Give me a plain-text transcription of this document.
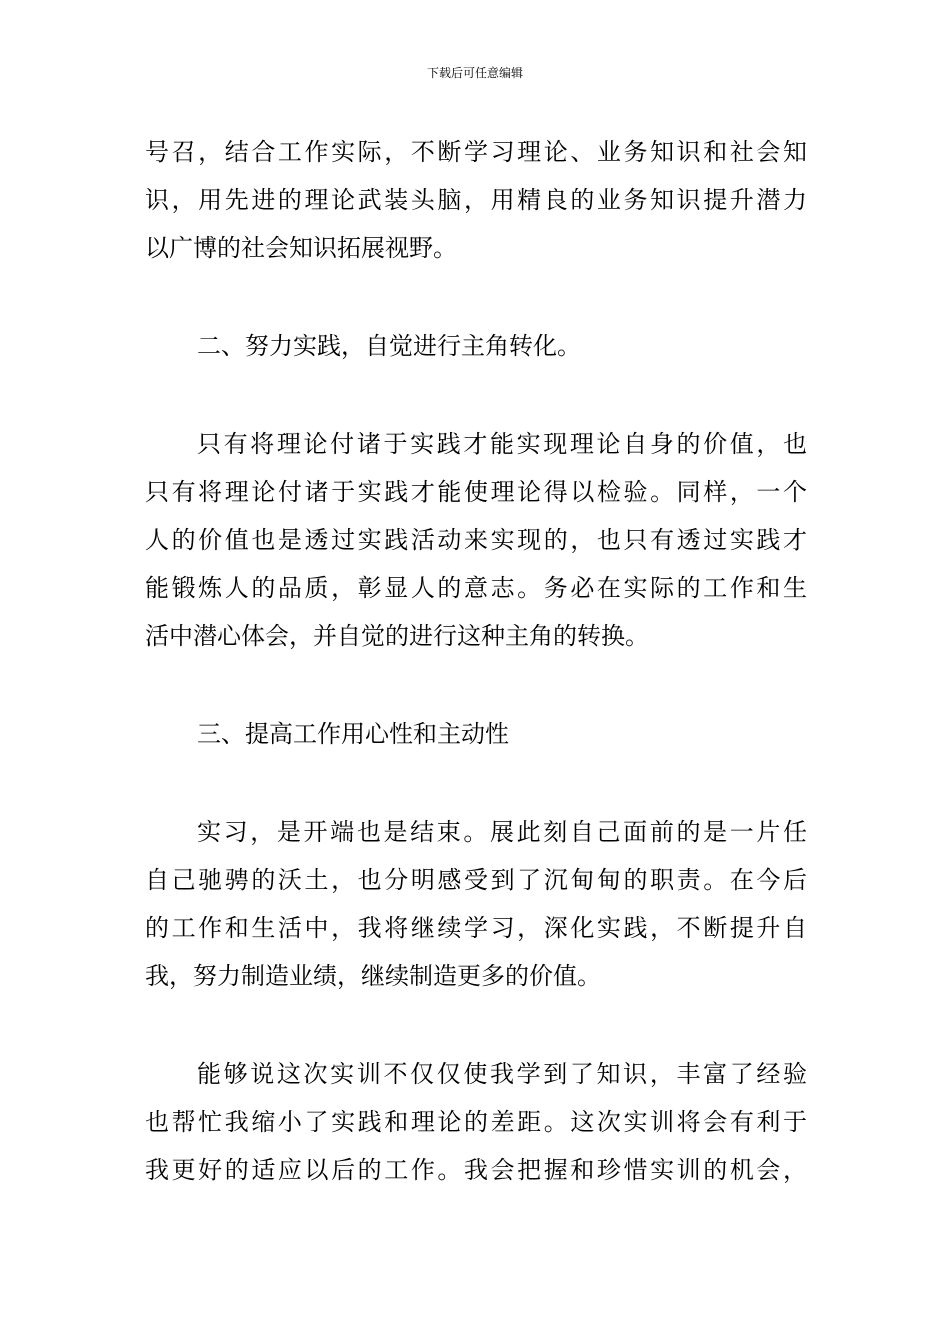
下载后可任意编辑
号召，结合工作实际，不断学习理论、业务知识和社会知
识，用先进的理论武装头脑，用精良的业务知识提升潜力
以广博的社会知识拓展视野。
二、努力实践，自觉进行主角转化。
只有将理论付诸于实践才能实现理论自身的价值，也
只有将理论付诸于实践才能使理论得以检验。同样，一个
人的价值也是透过实践活动来实现的，也只有透过实践才
能锻炼人的品质，彰显人的意志。务必在实际的工作和生
活中潜心体会，并自觉的进行这种主角的转换。
三、提高工作用心性和主动性
实习，是开端也是结束。展此刻自己面前的是一片任
自己驰骋的沃土，也分明感受到了沉甸甸的职责。在今后
的工作和生活中，我将继续学习，深化实践，不断提升自
我，努力制造业绩，继续制造更多的价值。
能够说这次实训不仅仅使我学到了知识，丰富了经验
也帮忙我缩小了实践和理论的差距。这次实训将会有利于
我更好的适应以后的工作。我会把握和珍惜实训的机会，
